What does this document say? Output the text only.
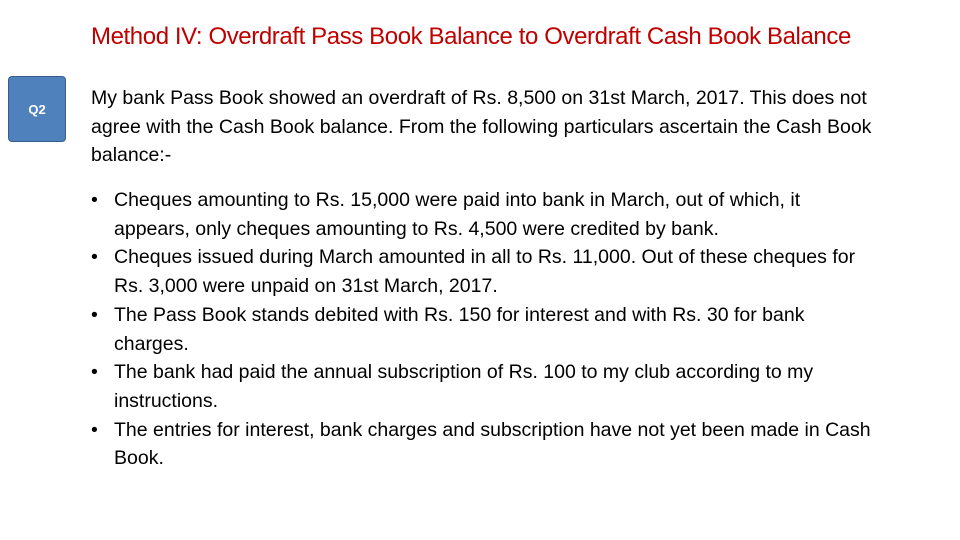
Q2
Method IV: Overdraft Pass Book Balance to Overdraft Cash Book Balance
My bank Pass Book showed an overdraft of Rs. 8,500 on 31st March, 2017. This does not agree with the Cash Book balance. From the following particulars ascertain the Cash Book balance:-
• Cheques amounting to Rs. 15,000 were paid into bank in March, out of which, it appears, only cheques amounting to Rs. 4,500 were credited by bank.
• Cheques issued during March amounted in all to Rs. 11,000. Out of these cheques for Rs. 3,000 were unpaid on 31st March, 2017.
• The Pass Book stands debited with Rs. 150 for interest and with Rs. 30 for bank charges.
• The bank had paid the annual subscription of Rs. 100 to my club according to my instructions.
• The entries for interest, bank charges and subscription have not yet been made in Cash Book.
